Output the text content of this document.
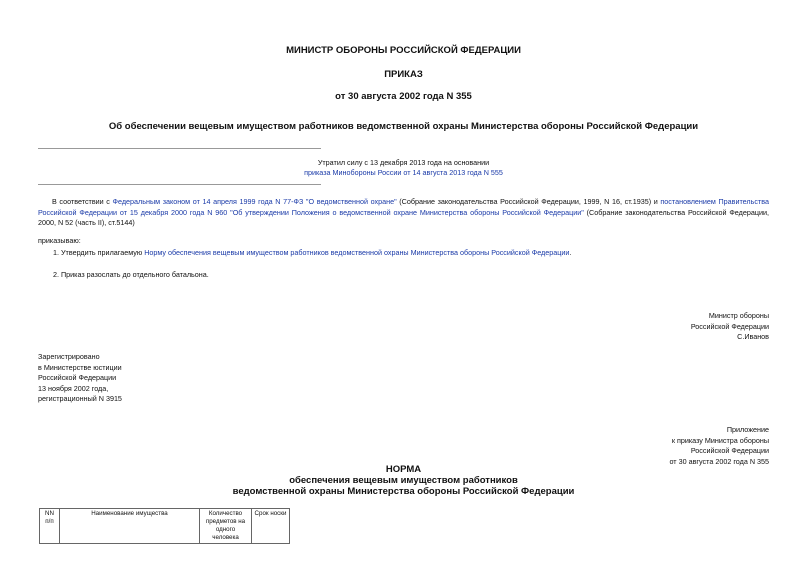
МИНИСТР ОБОРОНЫ РОССИЙСКОЙ ФЕДЕРАЦИИ
ПРИКАЗ
от 30 августа 2002 года N 355
Об обеспечении вещевым имуществом работников ведомственной охраны Министерства обороны Российской Федерации
Утратил силу с 13 декабря 2013 года на основании
приказа Минобороны России от 14 августа 2013 года N 555
В соответствии с Федеральным законом от 14 апреля 1999 года N 77-ФЗ "О ведомственной охране" (Собрание законодательства Российской Федерации, 1999, N 16, ст.1935) и постановлением Правительства Российской Федерации от 15 декабря 2000 года N 960 "Об утверждении Положения о ведомственной охране Министерства обороны Российской Федерации" (Собрание законодательства Российской Федерации, 2000, N 52 (часть II), ст.5144)
приказываю:
1. Утвердить прилагаемую Норму обеспечения вещевым имуществом работников ведомственной охраны Министерства обороны Российской Федерации.
2. Приказ разослать до отдельного батальона.
Министр обороны
Российской Федерации
С.Иванов
Зарегистрировано
в Министерстве юстиции
Российской Федерации
13 ноября 2002 года,
регистрационный N 3915
Приложение
к приказу Министра обороны
Российской Федерации
от 30 августа 2002 года N 355
НОРМА
обеспечения вещевым имуществом работников
ведомственной охраны Министерства обороны Российской Федерации
NN п/п	Наименование имущества	Количество предметов на одного человека	Срок носки
